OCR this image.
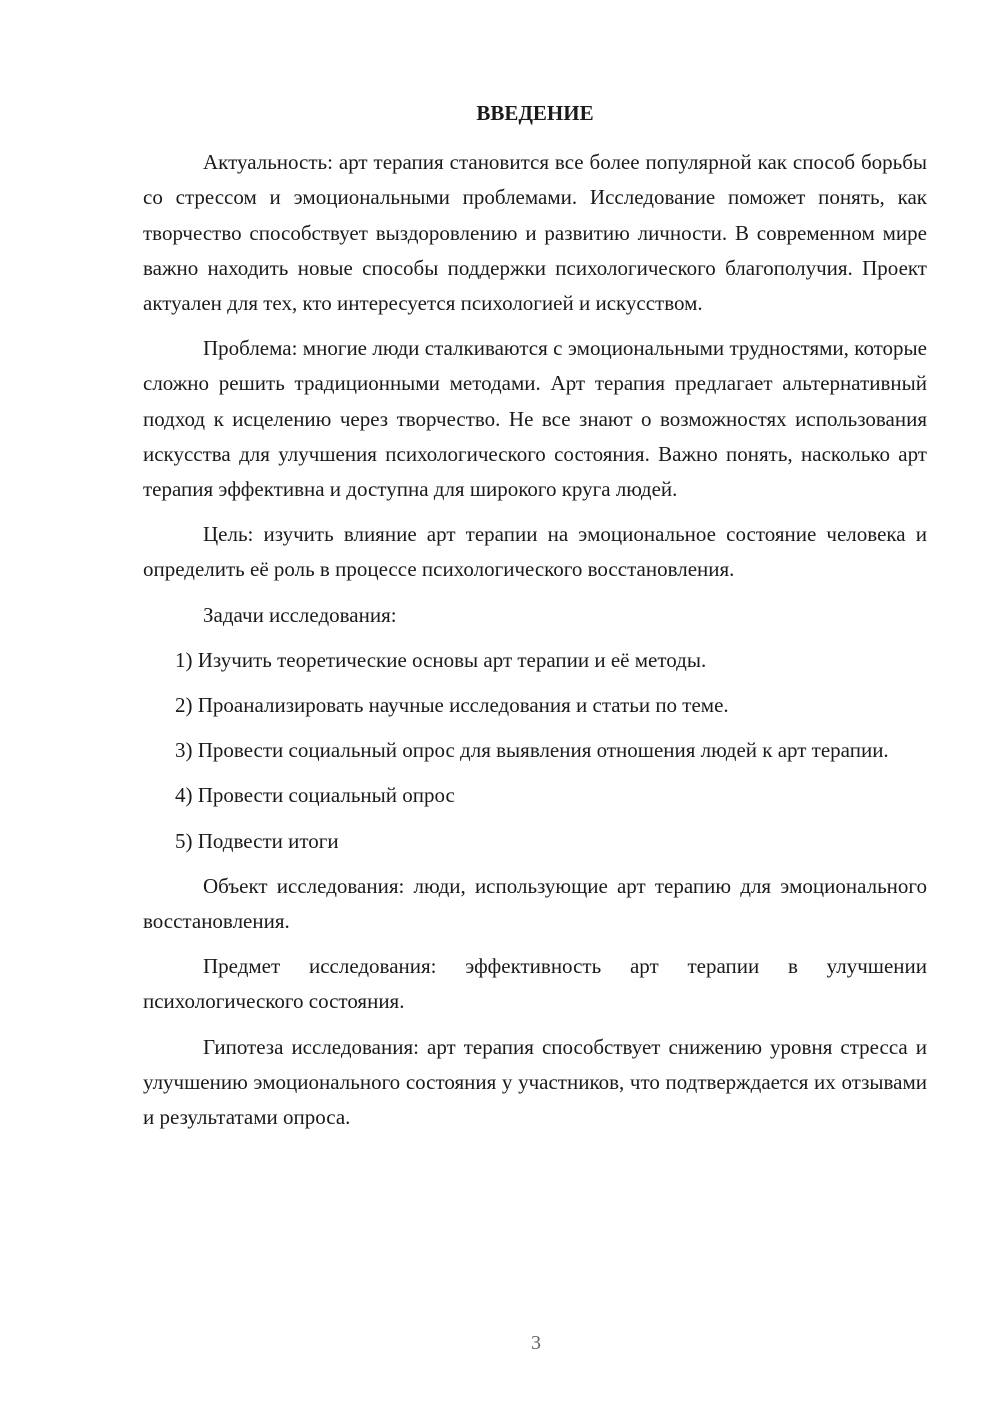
ВВЕДЕНИЕ

Актуальность: арт терапия становится все более популярной как способ борьбы со стрессом и эмоциональными проблемами. Исследование поможет понять, как творчество способствует выздоровлению и развитию личности. В современном мире важно находить новые способы поддержки психологического благополучия. Проект актуален для тех, кто интересуется психологией и искусством.

Проблема: многие люди сталкиваются с эмоциональными трудностями, которые сложно решить традиционными методами. Арт терапия предлагает альтернативный подход к исцелению через творчество. Не все знают о возможностях использования искусства для улучшения психологического состояния. Важно понять, насколько арт терапия эффективна и доступна для широкого круга людей.

Цель: изучить влияние арт терапии на эмоциональное состояние человека и определить её роль в процессе психологического восстановления.

Задачи исследования:

1) Изучить теоретические основы арт терапии и её методы.

2) Проанализировать научные исследования и статьи по теме.

3) Провести социальный опрос для выявления отношения людей к арт терапии.

4) Провести социальный опрос

5) Подвести итоги

Объект исследования: люди, использующие арт терапию для эмоционального восстановления.

Предмет исследования: эффективность арт терапии в улучшении психологического состояния.

Гипотеза исследования: арт терапия способствует снижению уровня стресса и улучшению эмоционального состояния у участников, что подтверждается их отзывами и результатами опроса.

3
